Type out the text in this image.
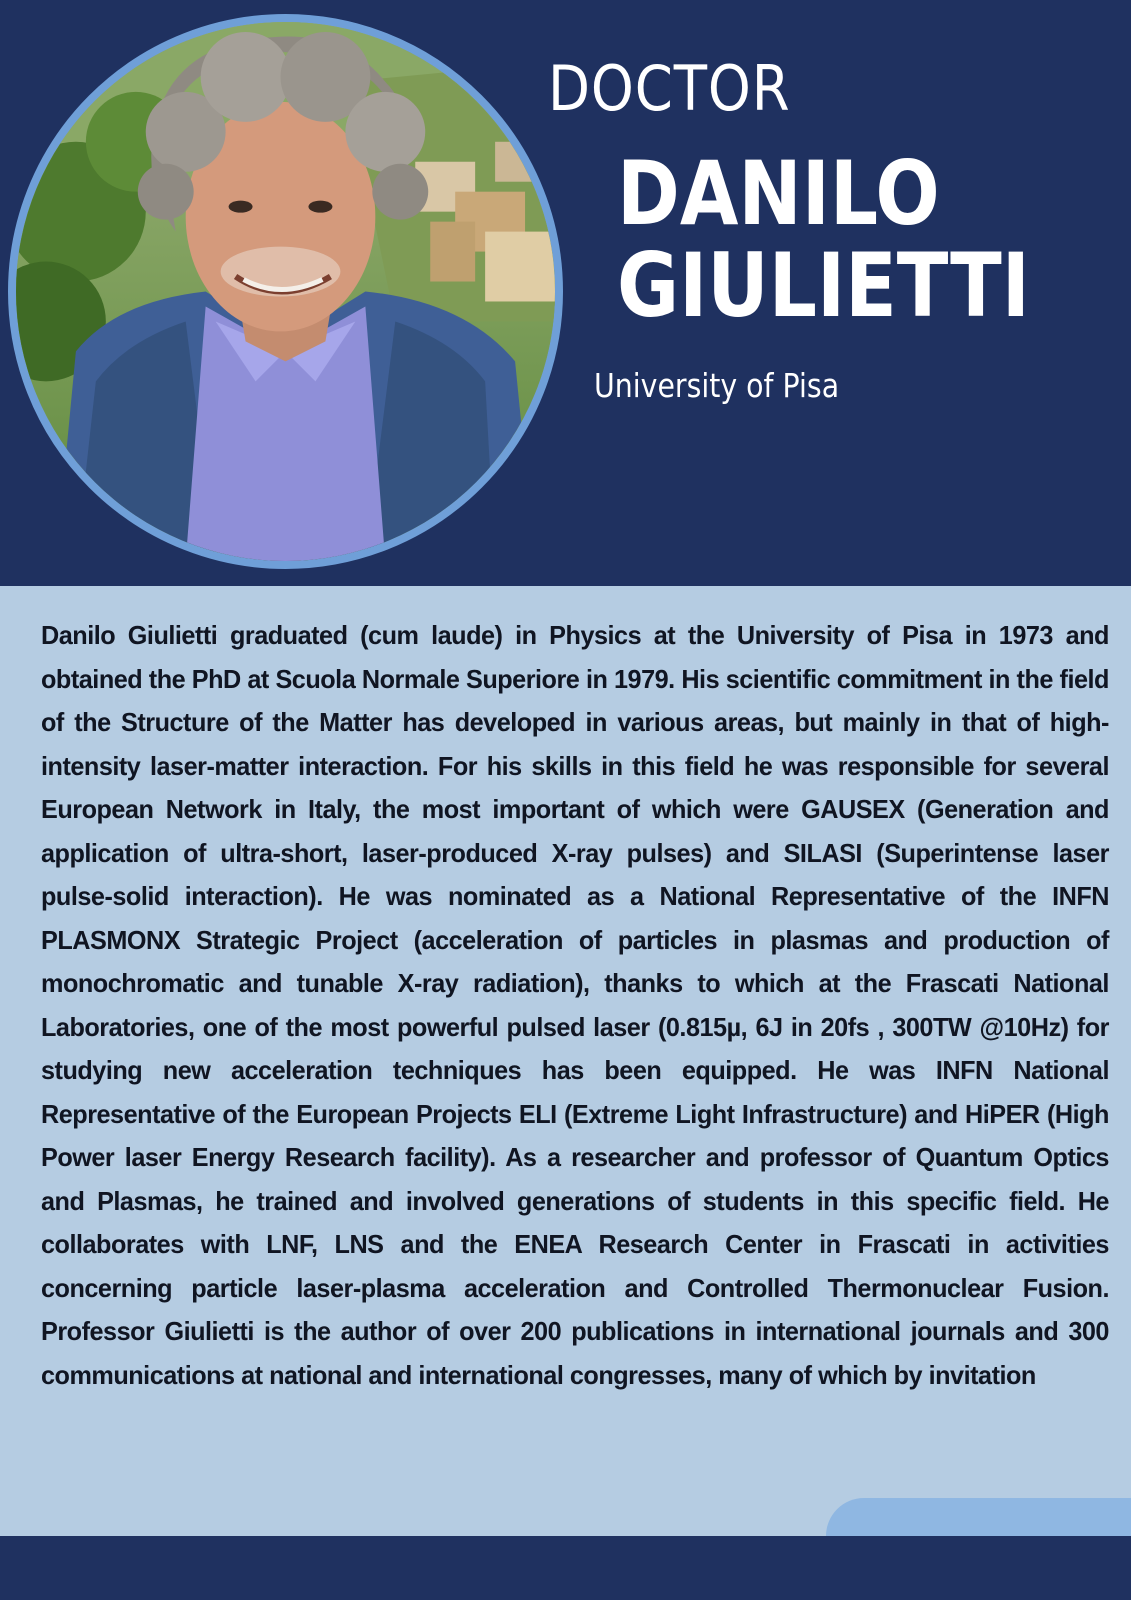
DOCTOR
DANILO
GIULIETTI
University of Pisa

Danilo Giulietti graduated (cum laude) in Physics at the University of Pisa in 1973 and obtained the PhD at Scuola Normale Superiore in 1979. His scientific commitment in the field of the Structure of the Matter has developed in various areas, but mainly in that of high-intensity laser-matter interaction. For his skills in this field he was responsible for several European Network in Italy, the most important of which were GAUSEX (Generation and application of ultra-short, laser-produced X-ray pulses) and SILASI (Superintense laser pulse-solid interaction). He was nominated as a National Representative of the INFN PLASMONX Strategic Project (acceleration of particles in plasmas and production of monochromatic and tunable X-ray radiation), thanks to which at the Frascati National Laboratories, one of the most powerful pulsed laser (0.815µ, 6J in 20fs , 300TW @10Hz) for studying new acceleration techniques has been equipped. He was INFN National Representative of the European Projects ELI (Extreme Light Infrastructure) and HiPER (High Power laser Energy Research facility). As a researcher and professor of Quantum Optics and Plasmas, he trained and involved generations of students in this specific field. He collaborates with LNF, LNS and the ENEA Research Center in Frascati in activities concerning particle laser-plasma acceleration and Controlled Thermonuclear Fusion. Professor Giulietti is the author of over 200 publications in international journals and 300 communications at national and international congresses, many of which by invitation
